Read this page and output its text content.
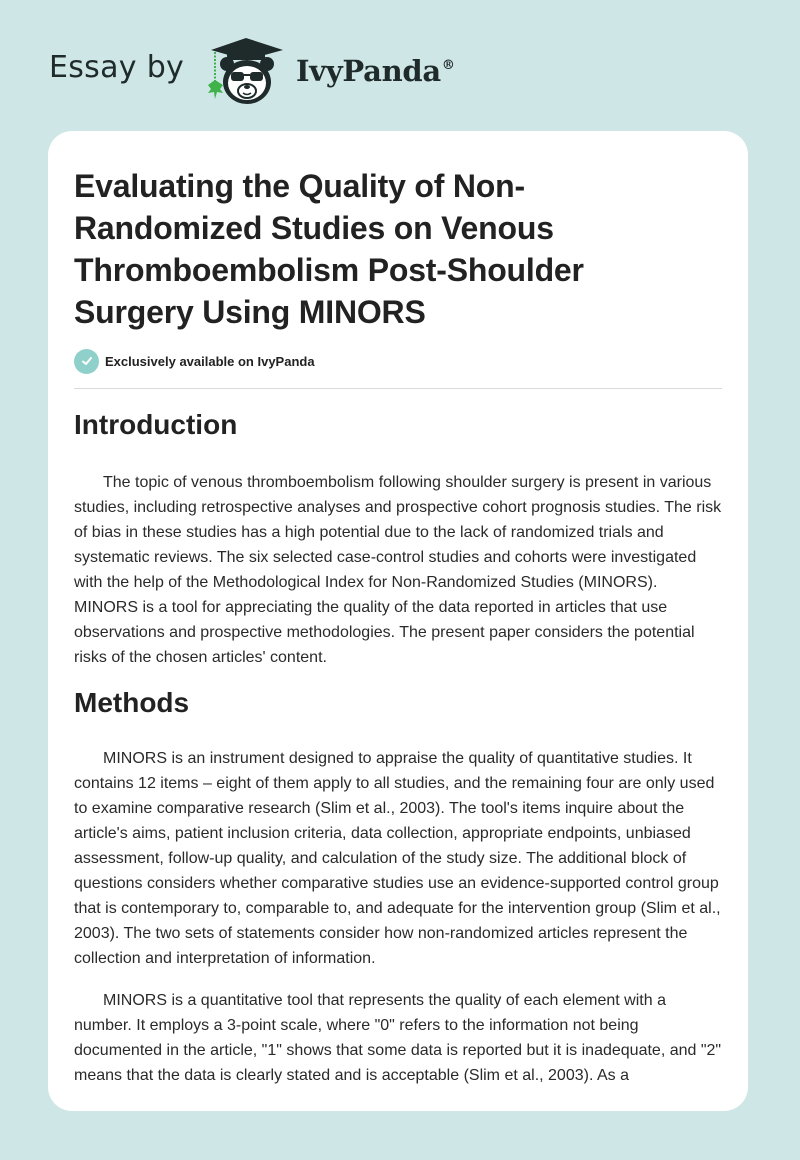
Essay by	IvyPanda®
Evaluating the Quality of Non-
Randomized Studies on Venous
Thromboembolism Post-Shoulder
Surgery Using MINORS
Exclusively available on IvyPanda
Introduction

The topic of venous thromboembolism following shoulder surgery is present in various studies, including retrospective analyses and prospective cohort prognosis studies. The risk of bias in these studies has a high potential due to the lack of randomized trials and systematic reviews. The six selected case-control studies and cohorts were investigated with the help of the Methodological Index for Non-Randomized Studies (MINORS). MINORS is a tool for appreciating the quality of the data reported in articles that use observations and prospective methodologies. The present paper considers the potential risks of the chosen articles' content.

Methods

MINORS is an instrument designed to appraise the quality of quantitative studies. It contains 12 items – eight of them apply to all studies, and the remaining four are only used to examine comparative research (Slim et al., 2003). The tool's items inquire about the article's aims, patient inclusion criteria, data collection, appropriate endpoints, unbiased assessment, follow-up quality, and calculation of the study size. The additional block of questions considers whether comparative studies use an evidence-supported control group that is contemporary to, comparable to, and adequate for the intervention group (Slim et al., 2003). The two sets of statements consider how non-randomized articles represent the collection and interpretation of information.

MINORS is a quantitative tool that represents the quality of each element with a number. It employs a 3-point scale, where "0" refers to the information not being documented in the article, "1" shows that some data is reported but it is inadequate, and "2" means that the data is clearly stated and is acceptable (Slim et al., 2003). As a
